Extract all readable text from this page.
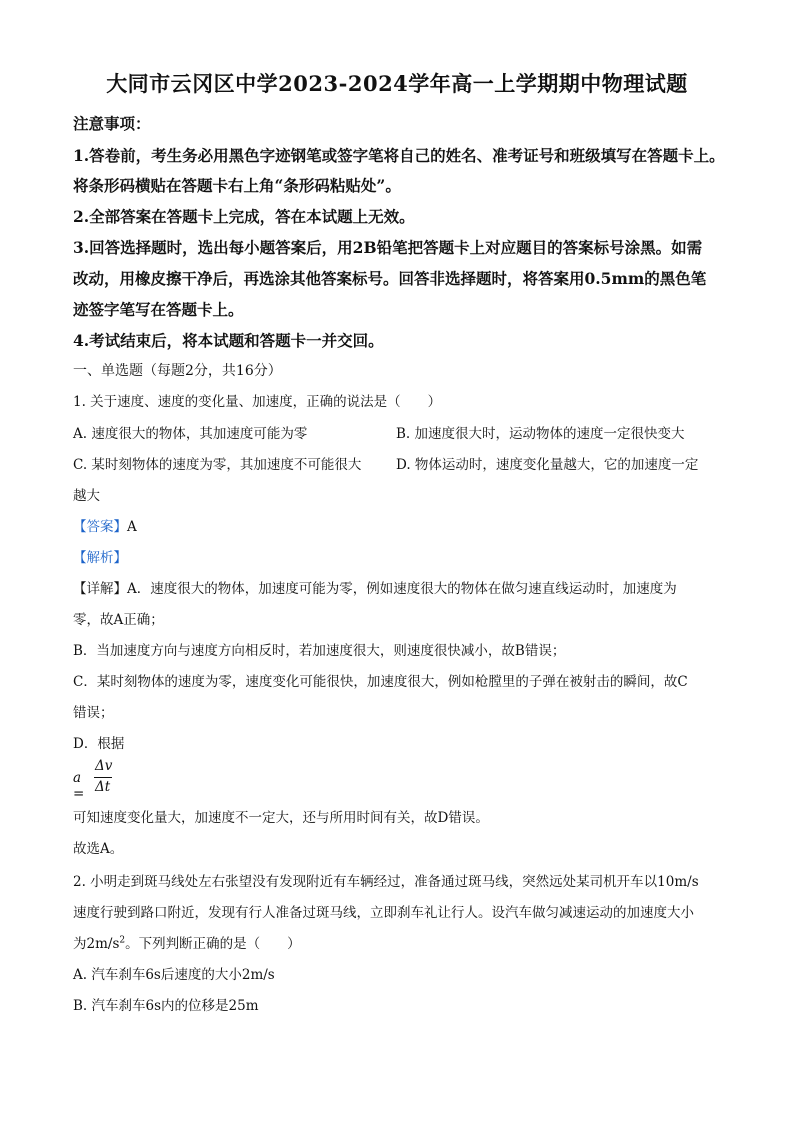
大同市云冈区中学2023-2024学年高一上学期期中物理试题
注意事项：
1.答卷前，考生务必用黑色字迹钢笔或签字笔将自己的姓名、准考证号和班级填写在答题卡上。
将条形码横贴在答题卡右上角“条形码粘贴处”。
2.全部答案在答题卡上完成，答在本试题上无效。
3.回答选择题时，选出每小题答案后，用2B铅笔把答题卡上对应题目的答案标号涂黑。如需
改动，用橡皮擦干净后，再选涂其他答案标号。回答非选择题时，将答案用0.5mm的黑色笔
迹签字笔写在答题卡上。
4.考试结束后，将本试题和答题卡一并交回。
一、单选题（每题2分，共16分）
1. 关于速度、速度的变化量、加速度，正确的说法是（　　）
A. 速度很大的物体，其加速度可能为零	B. 加速度很大时，运动物体的速度一定很快变大
C. 某时刻物体的速度为零，其加速度不可能很大	D. 物体运动时，速度变化量越大，它的加速度一定
越大
【答案】A
【解析】
【详解】A．速度很大的物体，加速度可能为零，例如速度很大的物体在做匀速直线运动时，加速度为
零，故A正确；
B．当加速度方向与速度方向相反时，若加速度很大，则速度很快减小，故B错误；
C．某时刻物体的速度为零，速度变化可能很快，加速度很大，例如枪膛里的子弹在被射击的瞬间，故C
错误；
D．根据
a =
Δv
Δt
可知速度变化量大，加速度不一定大，还与所用时间有关，故D错误。
故选A。
2. 小明走到斑马线处左右张望没有发现附近有车辆经过，准备通过斑马线，突然远处某司机开车以10m/s
速度行驶到路口附近，发现有行人准备过斑马线，立即刹车礼让行人。设汽车做匀减速运动的加速度大小
为$2m/s^2$。下列判断正确的是（　　）
A. 汽车刹车6s后速度的大小2m/s
B. 汽车刹车6s内的位移是25m
